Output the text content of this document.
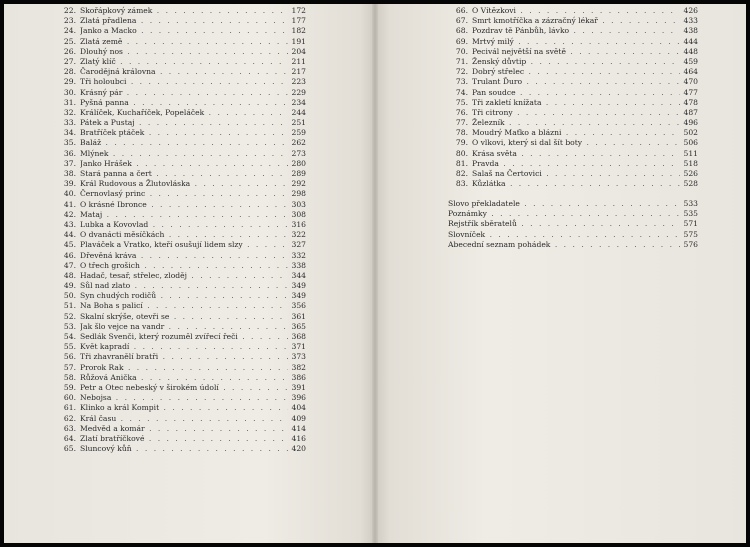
22. Skořápkový zámek . . .	172
23. Zlatá přadlena . . .	177
24. Janko a Macko . . .	182
25. Zlatá země . . .	191
26. Dlouhý nos . . .	204
27. Zlatý klíč . . .	211
28. Čarodějná královna . . .	217
29. Tři holoubci . . .	223
30. Krásný pár . . .	229
31. Pyšná panna . . .	234
32. Králíček, Kuchaříček, Popeláček . . .	244
33. Pátek a Pustaj . . .	251
34. Bratříček ptáček . . .	259
35. Baláž . . .	262
36. Mlýnek . . .	273
37. Janko Hrášek . . .	280
38. Stará panna a čert . . .	289
39. Král Rudovous a Žlutovláska . . .	292
40. Černovlasý princ . . .	298
41. O krásné Ibronce . . .	303
42. Mataj . . .	308
43. Lubka a Kovovlad . . .	316
44. O dvanácti měsíčkách . . .	322
45. Plaváček a Vratko, kteří osušují lidem slzy . . .	327
46. Dřevěná kráva . . .	332
47. O třech grošich . . .	338
48. Hadač, tesař, střelec, zloděj . . .	344
49. Sůl nad zlato . . .	349
50. Syn chudých rodičů . . .	349
51. Na Boha s palicí . . .	356
52. Skalní skrýše, otevři se . . .	361
53. Jak šlo vejce na vandr . . .	365
54. Sedlák Svenči, který rozuměl zvířecí řeči . . .	368
55. Květ kapradí . . .	371
56. Tři zhavranělí bratři . . .	373
57. Prorok Rak . . .	382
58. Růžová Anička . . .	386
59. Petr a Otec nebeský v širokém údolí . . .	391
60. Nebojsa . . .	396
61. Klinko a král Kompit . . .	404
62. Král času . . .	409
63. Medvěd a komár . . .	414
64. Zlatí bratříčkové . . .	416
65. Sluncový kůň . . .	420
66. O Vítězkovi . . .	426
67. Smrt kmotříčka a zázračný lékař . . .	433
68. Pozdrav tě Pánbůh, lávko . . .	438
69. Mrtvý milý . . .	444
70. Pecivál největší na světě . . .	448
71. Ženský důvtip . . .	459
72. Dobrý střelec . . .	464
73. Trulant Ďuro . . .	470
74. Pan soudce . . .	477
75. Tři zakletí knížata . . .	478
76. Tři citrony . . .	487
77. Železník . . .	496
78. Moudrý Maťko a blázni . . .	502
79. O vlkovi, který si dal šít boty . . .	506
80. Krása světa . . .	511
81. Pravda . . .	518
82. Salaš na Čertovici . . .	526
83. Kůzlátka . . .	528
Slovo překladatele . . .	533
Poznámky . . .	535
Rejstřík sběratelů . . .	571
Slovníček . . .	575
Abecední seznam pohádek . . .	576
